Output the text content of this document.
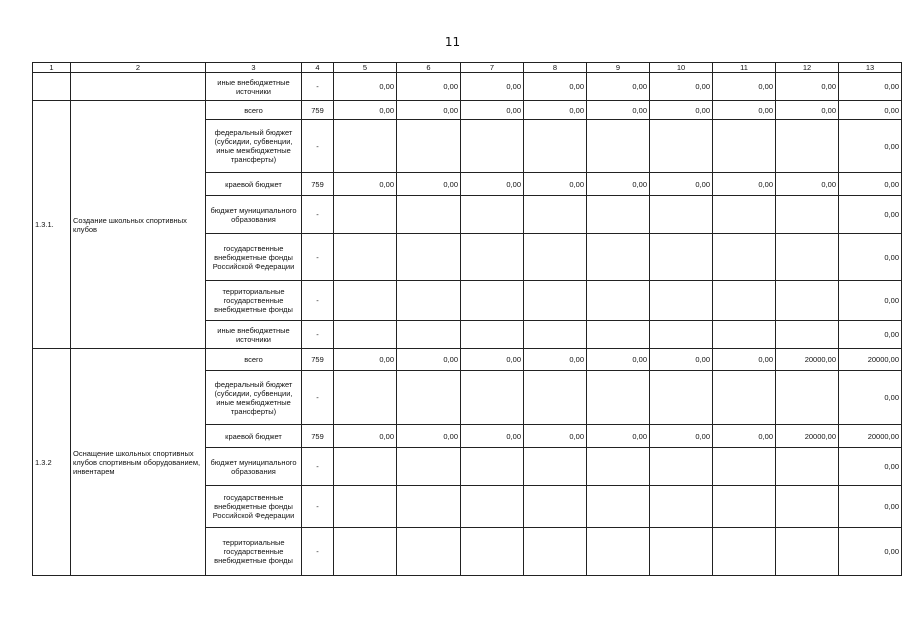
11
1	2	3	4	5	6	7	8	9	10	11	12	13
		иные внебюджетные источники	-	0,00	0,00	0,00	0,00	0,00	0,00	0,00	0,00	0,00
1.3.1.	Создание школьных спортивных клубов	всего	759	0,00	0,00	0,00	0,00	0,00	0,00	0,00	0,00	0,00
		федеральный бюджет (субсидии, субвенции, иные межбюджетные трансферты)	-									0,00
		краевой бюджет	759	0,00	0,00	0,00	0,00	0,00	0,00	0,00	0,00	0,00
		бюджет муниципального образования	-									0,00
		государственные внебюджетные фонды Российской Федерации	-									0,00
		территориальные государственные внебюджетные фонды	-									0,00
		иные внебюджетные источники	-									0,00
1.3.2	Оснащение школьных спортивных клубов спортивным оборудованием, инвентарем	всего	759	0,00	0,00	0,00	0,00	0,00	0,00	0,00	20000,00	20000,00
		федеральный бюджет (субсидии, субвенции, иные межбюджетные трансферты)	-									0,00
		краевой бюджет	759	0,00	0,00	0,00	0,00	0,00	0,00	0,00	20000,00	20000,00
		бюджет муниципального образования	-									0,00
		государственные внебюджетные фонды Российской Федерации	-									0,00
		территориальные государственные внебюджетные фонды	-									0,00
